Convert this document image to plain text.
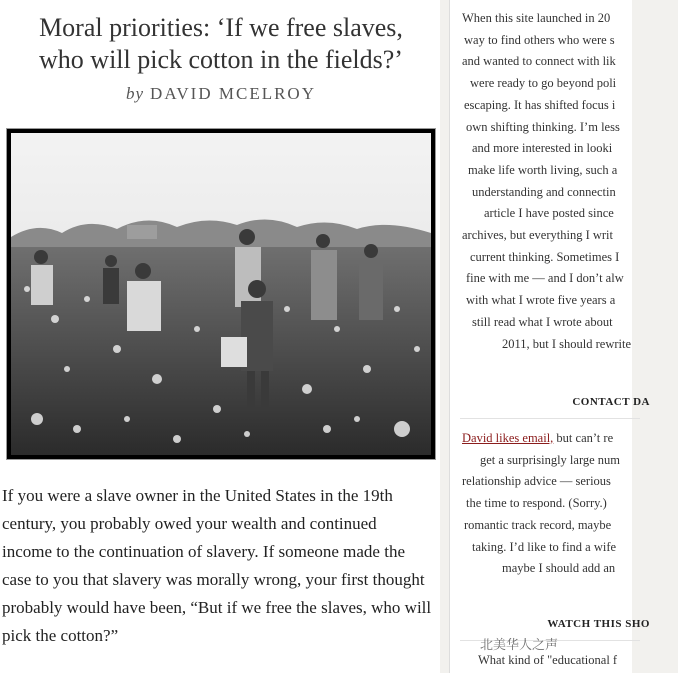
Moral priorities: ‘If we free slaves,
who will pick cotton in the fields?’
by DAVID MCELROY
If you were a slave owner in the United States in the 19th
century, you probably owed your wealth and continued
income to the continuation of slavery. If someone made the
case to you that slavery was morally wrong, your first thought
probably would have been, “But if we free the slaves, who will
pick the cotton?”
When this site launched in 20
way to find others who were s
and wanted to connect with lik
were ready to go beyond poli
escaping. It has shifted focus i
own shifting thinking. I’m less
and more interested in looki
make life worth living, such a
understanding and connectin
article I have posted since
archives, but everything I writ
current thinking. Sometimes I
fine with me — and I don’t alw
with what I wrote five years a
still read what I wrote about
2011, but I should rewrite
CONTACT DA
David likes email, but can’t re
get a surprisingly large num
relationship advice — serious
the time to respond. (Sorry.)
romantic track record, maybe
taking. I’d like to find a wife
maybe I should add an
WATCH THIS SHO
What kind of "educational f
北美华人之声
